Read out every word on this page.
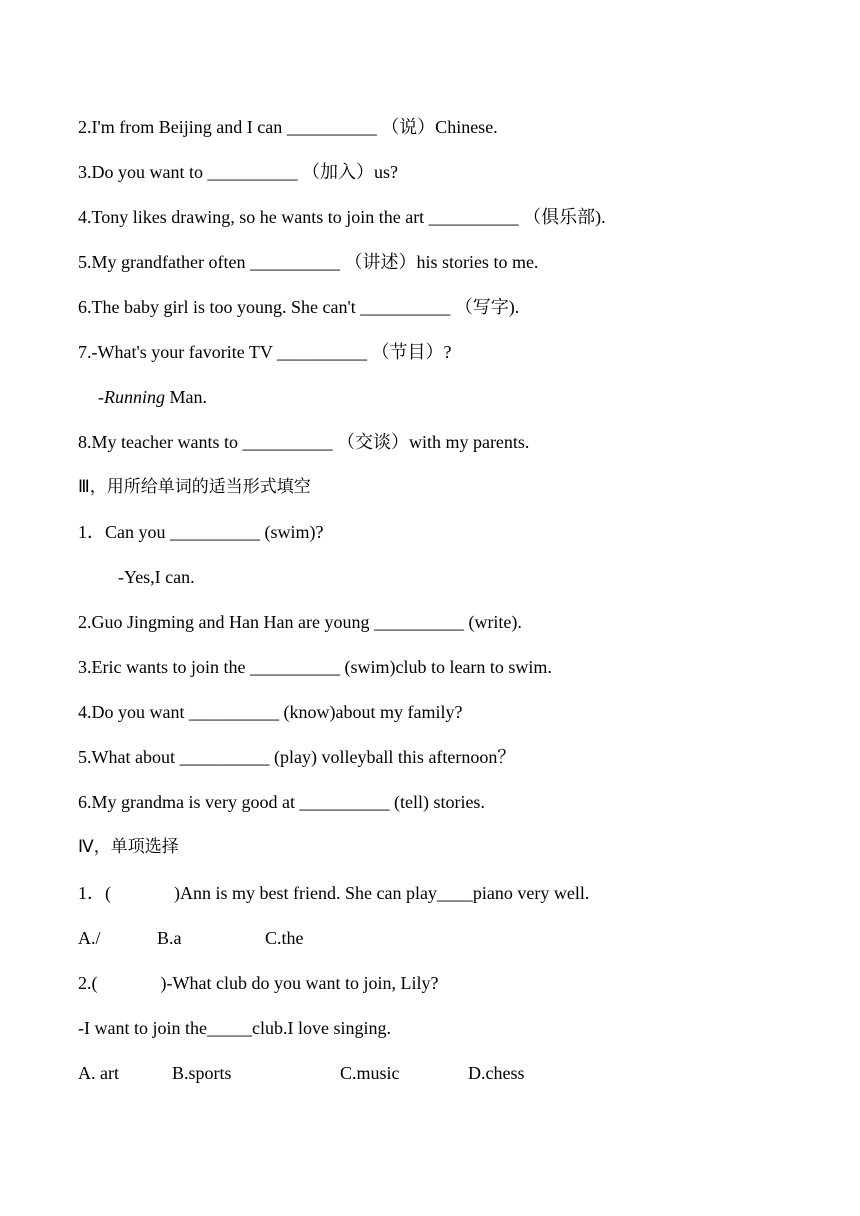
2.I'm from Beijing and I can __________ （说）Chinese.
3.Do you want to __________ （加入）us?
4.Tony likes drawing, so he wants to join the art __________ （俱乐部).
5.My grandfather often __________ （讲述）his stories to me.
6.The baby girl is too young. She can't __________ （写字).
7.-What's your favorite TV __________ （节目）?
-Running Man.
8.My teacher wants to __________ （交谈）with my parents.
Ⅲ，用所给单词的适当形式填空
1．Can you __________ (swim)?
-Yes,I can.
2.Guo Jingming and Han Han are young __________ (write).
3.Eric wants to join the __________ (swim)club to learn to swim.
4.Do you want __________ (know)about my family?
5.What about __________ (play) volleyball this afternoon？
6.My grandma is very good at __________ (tell) stories.
Ⅳ，单项选择
1．(              )Ann is my best friend. She can play____piano very well.
A./	B.a	C.the
2.(              )-What club do you want to join, Lily?
-I want to join the_____club.I love singing.
A. art	B.sports	C.music	D.chess
